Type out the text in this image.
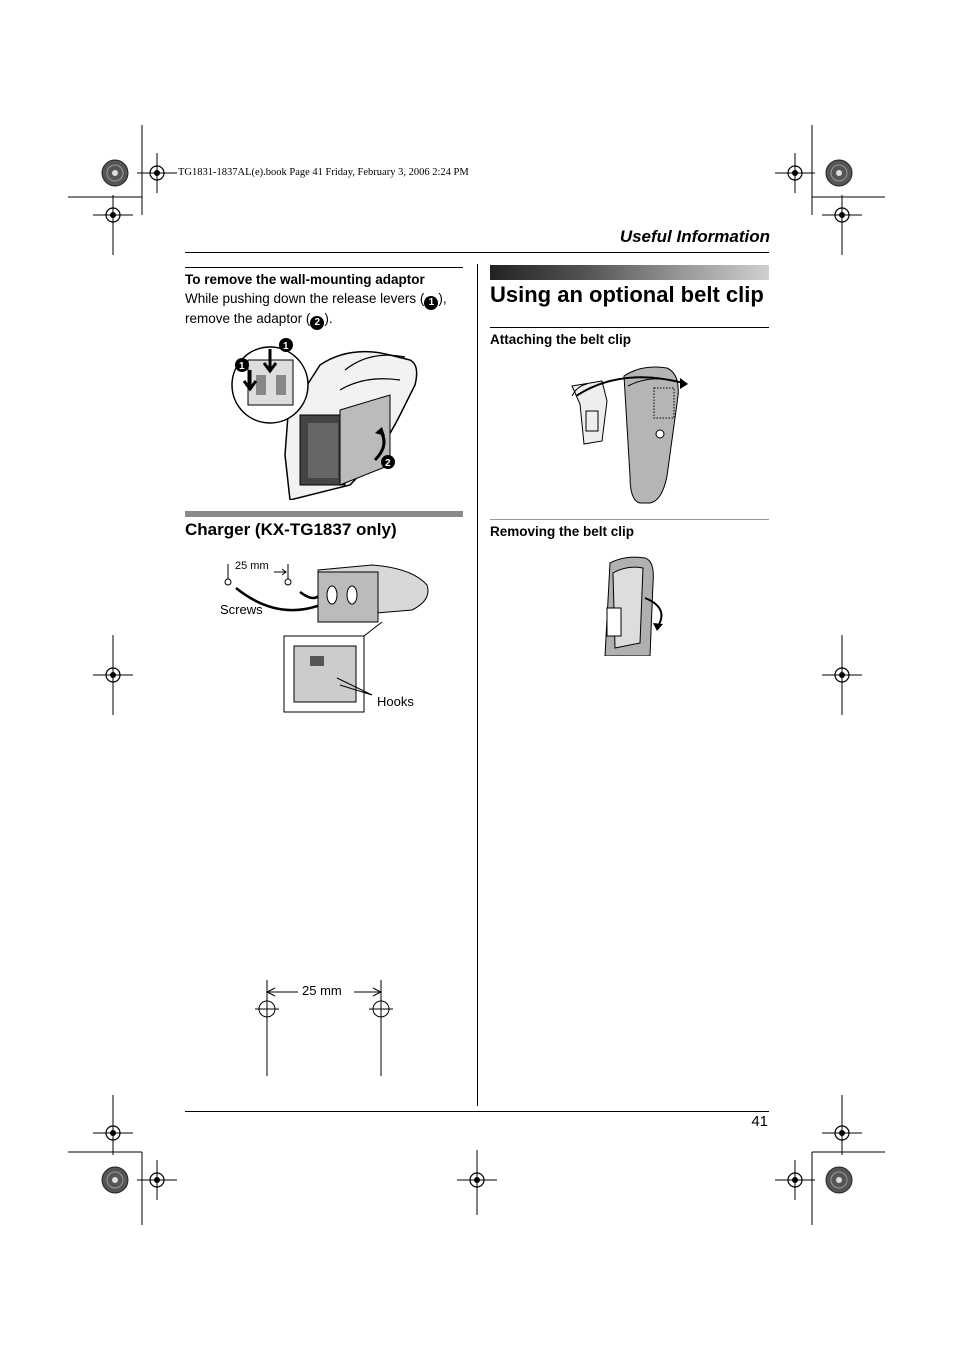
TG1831-1837AL(e).book Page 41 Friday, February 3, 2006 2:24 PM
Useful Information
To remove the wall-mounting adaptor
While pushing down the release levers ( 1 ),
remove the adaptor ( 2 ).
1
1
2
Charger (KX-TG1837 only)
25 mm
Screws
Hooks
25 mm
Using an optional belt clip
Attaching the belt clip
Removing the belt clip
41
